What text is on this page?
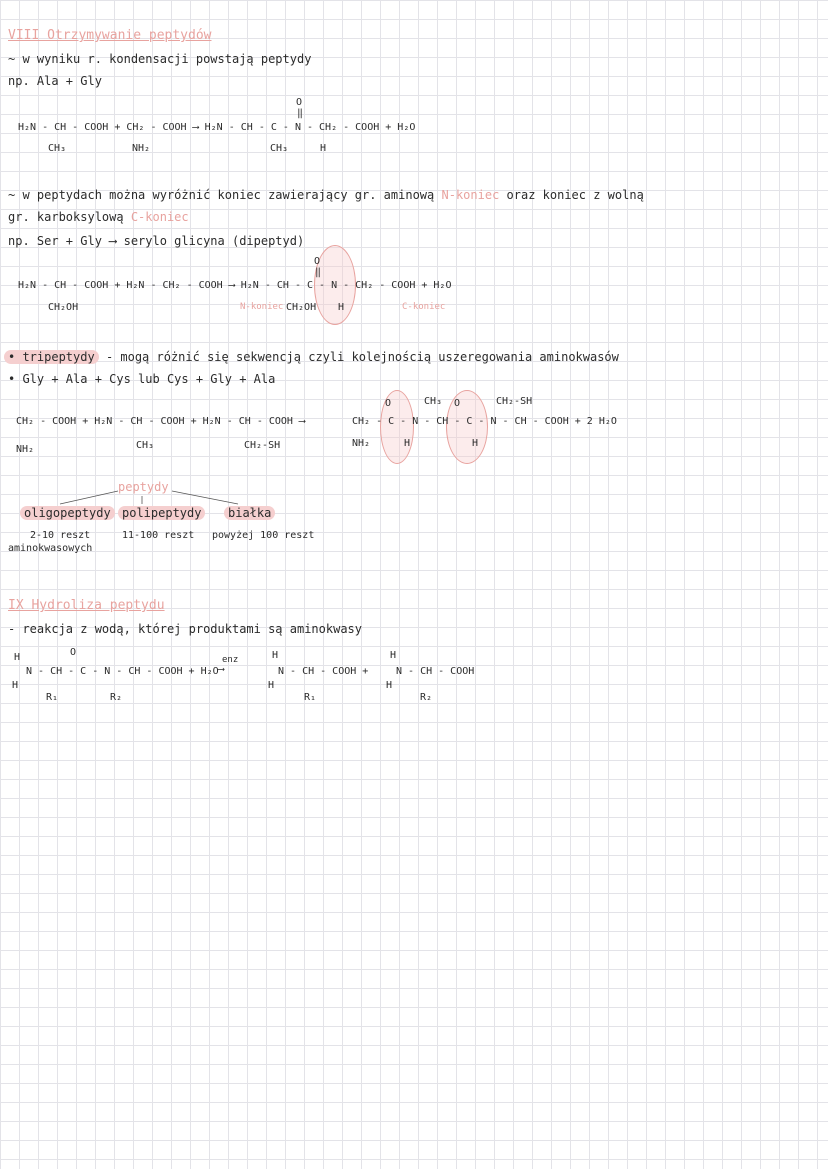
VIII Otrzymywanie peptydów
~ w wyniku r. kondensacji powstają peptydy
np. Ala + Gly
O
‖
H₂N - CH - COOH + CH₂ - COOH ⟶ H₂N - CH - C - N - CH₂ - COOH + H₂O
CH₃	NH₂	CH₃	H
~ w peptydach można wyróżnić koniec zawierający gr. aminową N-koniec oraz koniec z wolną
gr. karboksylową C-koniec
np. Ser + Gly ⟶ serylo glicyna (dipeptyd)
O
‖
H₂N - CH - COOH + H₂N - CH₂ - COOH ⟶ H₂N - CH - C - N - CH₂ - COOH + H₂O
CH₂OH	N-koniec CH₂OH H	C-koniec
• tripeptydy - mogą różnić się sekwencją czyli kolejnością uszeregowania aminokwasów
• Gly + Ala + Cys lub Cys + Gly + Ala
O	CH₃ O	CH₂-SH
CH₂ - COOH + H₂N - CH - COOH + H₂N - CH - COOH ⟶	CH₂ - C - N - CH - C - N - CH - COOH + 2 H₂O
NH₂	CH₃	CH₂-SH	NH₂	H	H
peptydy
oligopeptydy
2-10 reszt
aminokwasowych
polipeptydy
11-100 reszt
białka
powyżej 100 reszt
IX Hydroliza peptydu
- reakcja z wodą, której produktami są aminokwasy
H	O
N - CH - C - N - CH - COOH + H₂O
H
R₁	R₂
enz
⟶
H
N - CH - COOH +
H
R₁
H
N - CH - COOH
H
R₂
